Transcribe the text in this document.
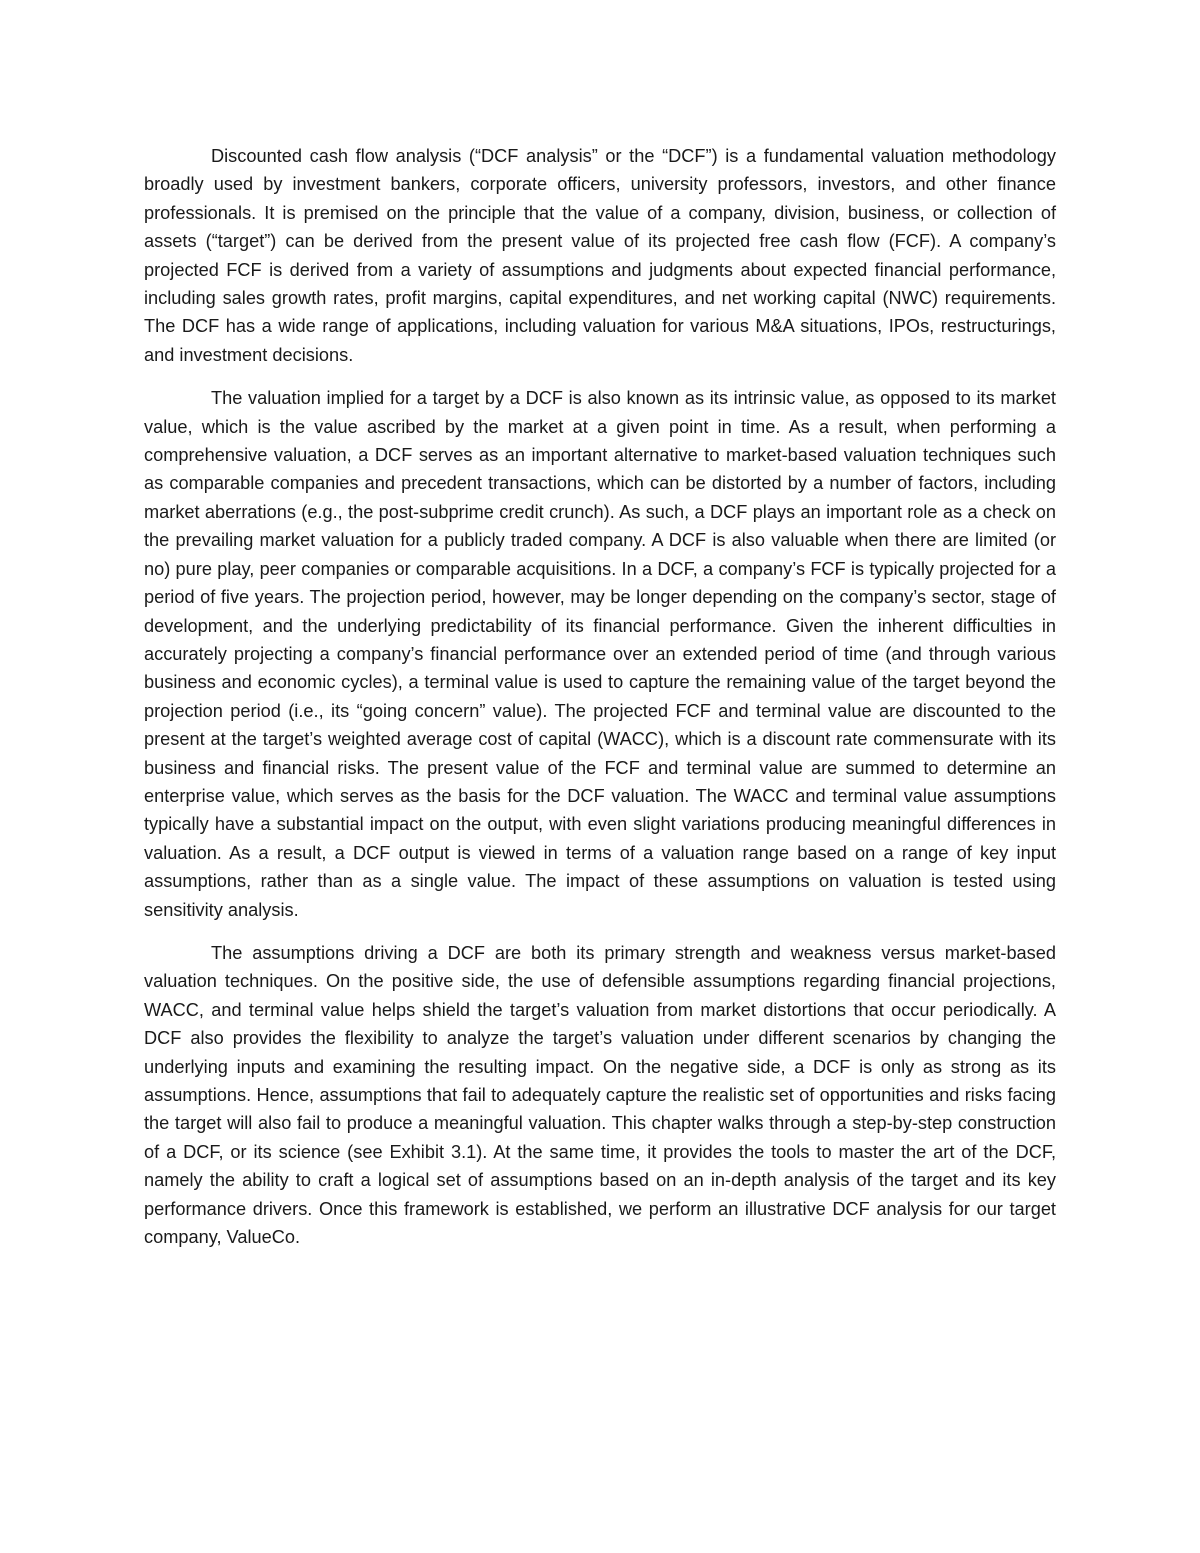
Discounted cash flow analysis (“DCF analysis” or the “DCF”) is a fundamental valuation methodology broadly used by investment bankers, corporate officers, university professors, investors, and other finance professionals. It is premised on the principle that the value of a company, division, business, or collection of assets (“target”) can be derived from the present value of its projected free cash flow (FCF). A company’s projected FCF is derived from a variety of assumptions and judgments about expected financial performance, including sales growth rates, profit margins, capital expenditures, and net working capital (NWC) requirements. The DCF has a wide range of applications, including valuation for various M&A situations, IPOs, restructurings, and investment decisions.

The valuation implied for a target by a DCF is also known as its intrinsic value, as opposed to its market value, which is the value ascribed by the market at a given point in time. As a result, when performing a comprehensive valuation, a DCF serves as an important alternative to market-based valuation techniques such as comparable companies and precedent transactions, which can be distorted by a number of factors, including market aberrations (e.g., the post-subprime credit crunch). As such, a DCF plays an important role as a check on the prevailing market valuation for a publicly traded company. A DCF is also valuable when there are limited (or no) pure play, peer companies or comparable acquisitions. In a DCF, a company’s FCF is typically projected for a period of five years. The projection period, however, may be longer depending on the company’s sector, stage of development, and the underlying predictability of its financial performance. Given the inherent difficulties in accurately projecting a company’s financial performance over an extended period of time (and through various business and economic cycles), a terminal value is used to capture the remaining value of the target beyond the projection period (i.e., its “going concern” value). The projected FCF and terminal value are discounted to the present at the target’s weighted average cost of capital (WACC), which is a discount rate commensurate with its business and financial risks. The present value of the FCF and terminal value are summed to determine an enterprise value, which serves as the basis for the DCF valuation. The WACC and terminal value assumptions typically have a substantial impact on the output, with even slight variations producing meaningful differences in valuation. As a result, a DCF output is viewed in terms of a valuation range based on a range of key input assumptions, rather than as a single value. The impact of these assumptions on valuation is tested using sensitivity analysis.

The assumptions driving a DCF are both its primary strength and weakness versus market-based valuation techniques. On the positive side, the use of defensible assumptions regarding financial projections, WACC, and terminal value helps shield the target’s valuation from market distortions that occur periodically. A DCF also provides the flexibility to analyze the target’s valuation under different scenarios by changing the underlying inputs and examining the resulting impact. On the negative side, a DCF is only as strong as its assumptions. Hence, assumptions that fail to adequately capture the realistic set of opportunities and risks facing the target will also fail to produce a meaningful valuation. This chapter walks through a step-by-step construction of a DCF, or its science (see Exhibit 3.1). At the same time, it provides the tools to master the art of the DCF, namely the ability to craft a logical set of assumptions based on an in-depth analysis of the target and its key performance drivers. Once this framework is established, we perform an illustrative DCF analysis for our target company, ValueCo.
